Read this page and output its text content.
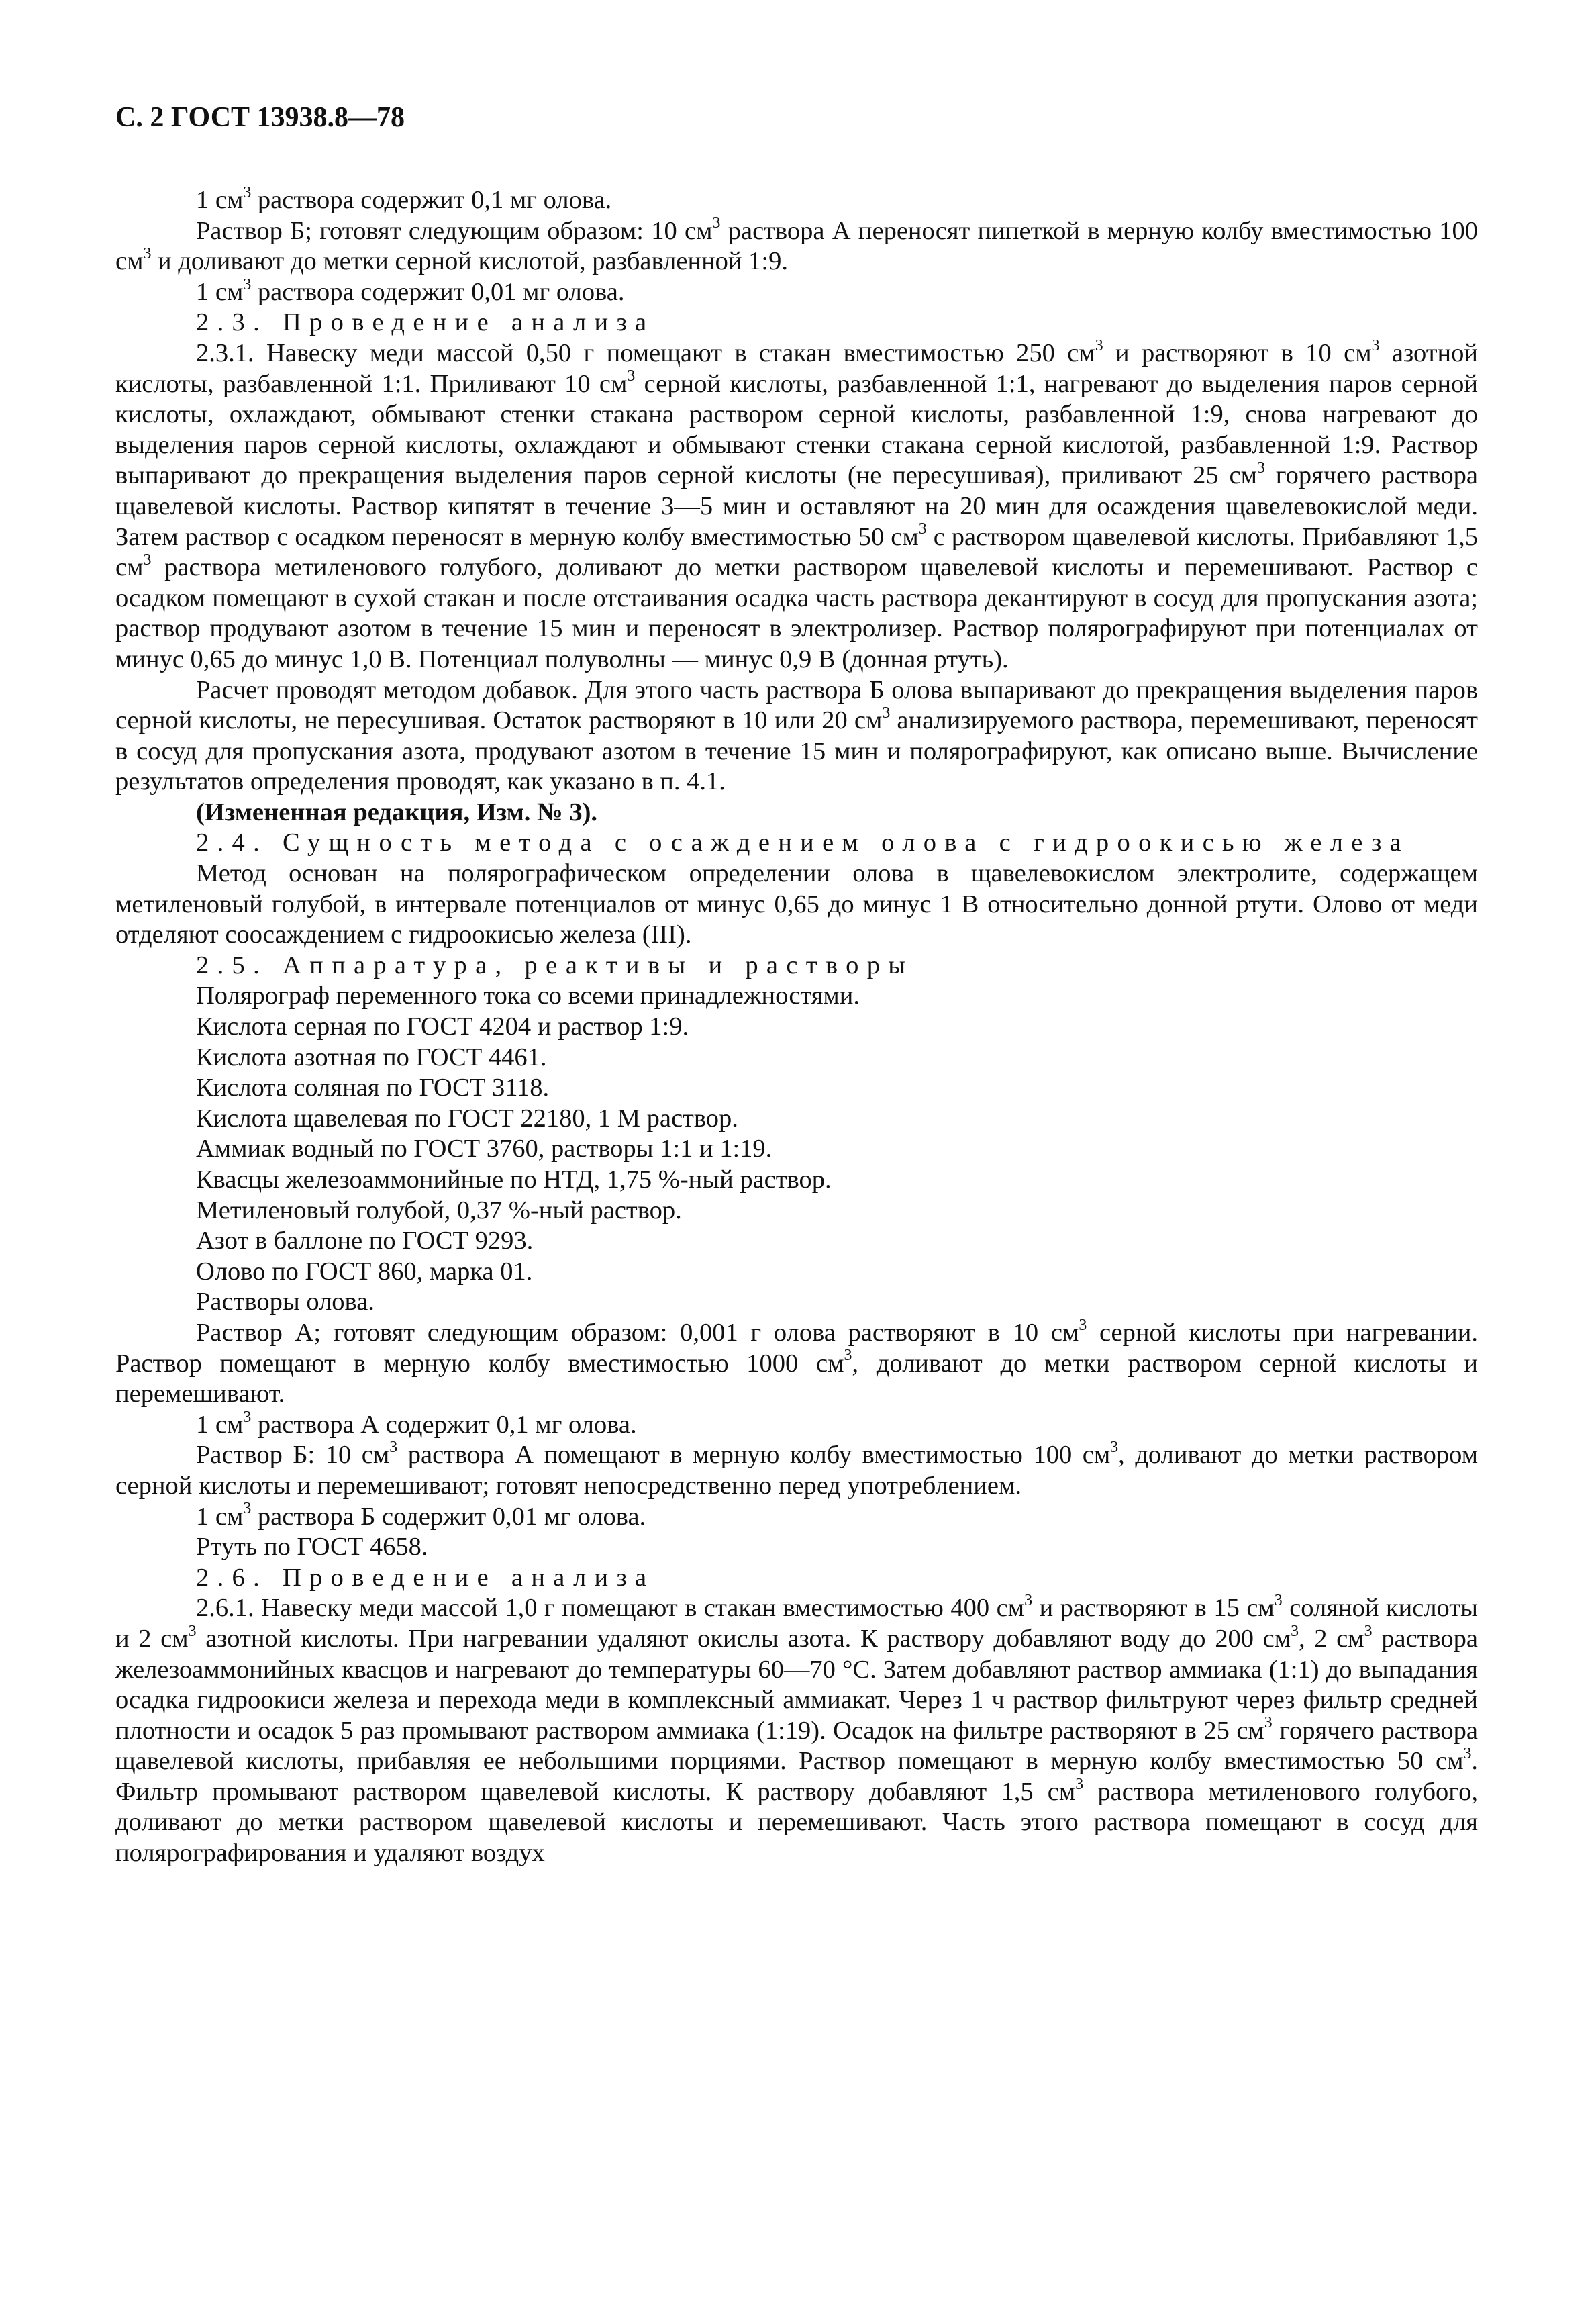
С. 2 ГОСТ 13938.8—78

1 $см^3$ раствора содержит 0,1 мг олова.

Раствор Б; готовят следующим образом: 10 $см^3$ раствора А переносят пипеткой в мерную колбу вместимостью 100 $см^3$ и доливают до метки серной кислотой, разбавленной 1:9.

1 $см^3$ раствора содержит 0,01 мг олова.

2.3. Проведение анализа

2.3.1. Навеску меди массой 0,50 г помещают в стакан вместимостью 250 $см^3$ и растворяют в 10 $см^3$ азотной кислоты, разбавленной 1:1. Приливают 10 $см^3$ серной кислоты, разбавленной 1:1, нагревают до выделения паров серной кислоты, охлаждают, обмывают стенки стакана раствором серной кислоты, разбавленной 1:9, снова нагревают до выделения паров серной кислоты, охлаждают и обмывают стенки стакана серной кислотой, разбавленной 1:9. Раствор выпаривают до прекращения выделения паров серной кислоты (не пересушивая), приливают 25 $см^3$ горячего раствора щавелевой кислоты. Раствор кипятят в течение 3—5 мин и оставляют на 20 мин для осаждения щавелевокислой меди. Затем раствор с осадком переносят в мерную колбу вместимостью 50 $см^3$ с раствором щавелевой кислоты. Прибавляют 1,5 $см^3$ раствора метиленового голубого, доливают до метки раствором щавелевой кислоты и перемешивают. Раствор с осадком помещают в сухой стакан и после отстаивания осадка часть раствора декантируют в сосуд для пропускания азота; раствор продувают азотом в течение 15 мин и переносят в электролизер. Раствор полярографируют при потенциалах от минус 0,65 до минус 1,0 В. Потенциал полуволны — минус 0,9 В (донная ртуть).

Расчет проводят методом добавок. Для этого часть раствора Б олова выпаривают до прекращения выделения паров серной кислоты, не пересушивая. Остаток растворяют в 10 или 20 $см^3$ анализируемого раствора, перемешивают, переносят в сосуд для пропускания азота, продувают азотом в течение 15 мин и полярографируют, как описано выше. Вычисление результатов определения проводят, как указано в п. 4.1.

(Измененная редакция, Изм. № 3).

2.4. Сущность метода с осаждением олова с гидроокисью железа

Метод основан на полярографическом определении олова в щавелевокислом электролите, содержащем метиленовый голубой, в интервале потенциалов от минус 0,65 до минус 1 В относительно донной ртути. Олово от меди отделяют соосаждением с гидроокисью железа (III).

2.5. Аппаратура, реактивы и растворы

Полярограф переменного тока со всеми принадлежностями.

Кислота серная по ГОСТ 4204 и раствор 1:9.

Кислота азотная по ГОСТ 4461.

Кислота соляная по ГОСТ 3118.

Кислота щавелевая по ГОСТ 22180, 1 М раствор.

Аммиак водный по ГОСТ 3760, растворы 1:1 и 1:19.

Квасцы железоаммонийные по НТД, 1,75 %-ный раствор.

Метиленовый голубой, 0,37 %-ный раствор.

Азот в баллоне по ГОСТ 9293.

Олово по ГОСТ 860, марка 01.

Растворы олова.

Раствор А; готовят следующим образом: 0,001 г олова растворяют в 10 $см^3$ серной кислоты при нагревании. Раствор помещают в мерную колбу вместимостью 1000 $см^3$, доливают до метки раствором серной кислоты и перемешивают.

1 $см^3$ раствора А содержит 0,1 мг олова.

Раствор Б: 10 $см^3$ раствора А помещают в мерную колбу вместимостью 100 $см^3$, доливают до метки раствором серной кислоты и перемешивают; готовят непосредственно перед употреблением.

1 $см^3$ раствора Б содержит 0,01 мг олова.

Ртуть по ГОСТ 4658.

2.6. Проведение анализа

2.6.1. Навеску меди массой 1,0 г помещают в стакан вместимостью 400 $см^3$ и растворяют в 15 $см^3$ соляной кислоты и 2 $см^3$ азотной кислоты. При нагревании удаляют окислы азота. К раствору добавляют воду до 200 $см^3$, 2 $см^3$ раствора железоаммонийных квасцов и нагревают до температуры 60—70 °С. Затем добавляют раствор аммиака (1:1) до выпадания осадка гидроокиси железа и перехода меди в комплексный аммиакат. Через 1 ч раствор фильтруют через фильтр средней плотности и осадок 5 раз промывают раствором аммиака (1:19). Осадок на фильтре растворяют в 25 $см^3$ горячего раствора щавелевой кислоты, прибавляя ее небольшими порциями. Раствор помещают в мерную колбу вместимостью 50 $см^3$. Фильтр промывают раствором щавелевой кислоты. К раствору добавляют 1,5 $см^3$ раствора метиленового голубого, доливают до метки раствором щавелевой кислоты и перемешивают. Часть этого раствора помещают в сосуд для полярографирования и удаляют воздух
